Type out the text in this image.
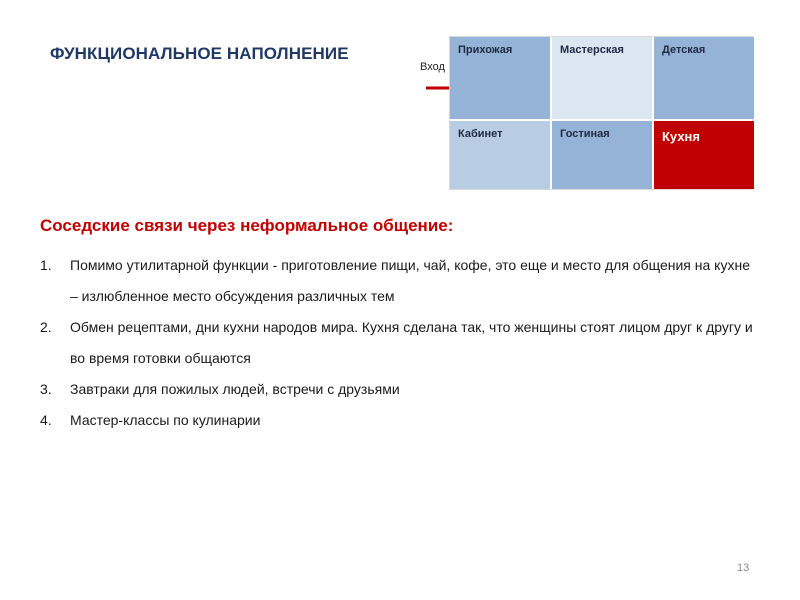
ФУНКЦИОНАЛЬНОЕ НАПОЛНЕНИЕ
Вход
Прихожая	Мастерская	Детская
Кабинет	Гостиная	Кухня
Соседские связи через неформальное общение:
1. Помимо утилитарной функции - приготовление пищи, чай, кофе, это еще и место для общения на кухне – излюбленное место обсуждения различных тем
2. Обмен рецептами, дни кухни народов мира. Кухня сделана так, что женщины стоят лицом друг к другу и во время готовки общаются
3. Завтраки для пожилых людей, встречи с друзьями
4. Мастер-классы по кулинарии
13
